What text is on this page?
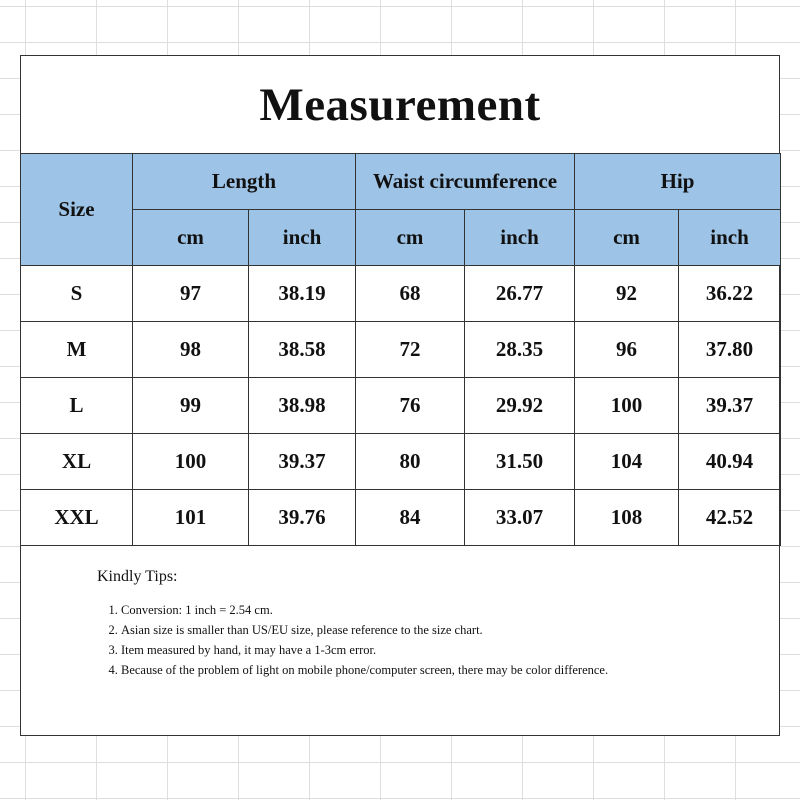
Measurement
Size	Length		Waist circumference		Hip	
	cm	inch	cm	inch	cm	inch
S	97	38.19	68	26.77	92	36.22
M	98	38.58	72	28.35	96	37.80
L	99	38.98	76	29.92	100	39.37
XL	100	39.37	80	31.50	104	40.94
XXL	101	39.76	84	33.07	108	42.52
Kindly Tips:
1. Conversion: 1 inch = 2.54 cm.
2. Asian size is smaller than US/EU size, please reference to the size chart.
3. Item measured by hand, it may have a 1-3cm error.
4. Because of the problem of light on mobile phone/computer screen, there may be color difference.
